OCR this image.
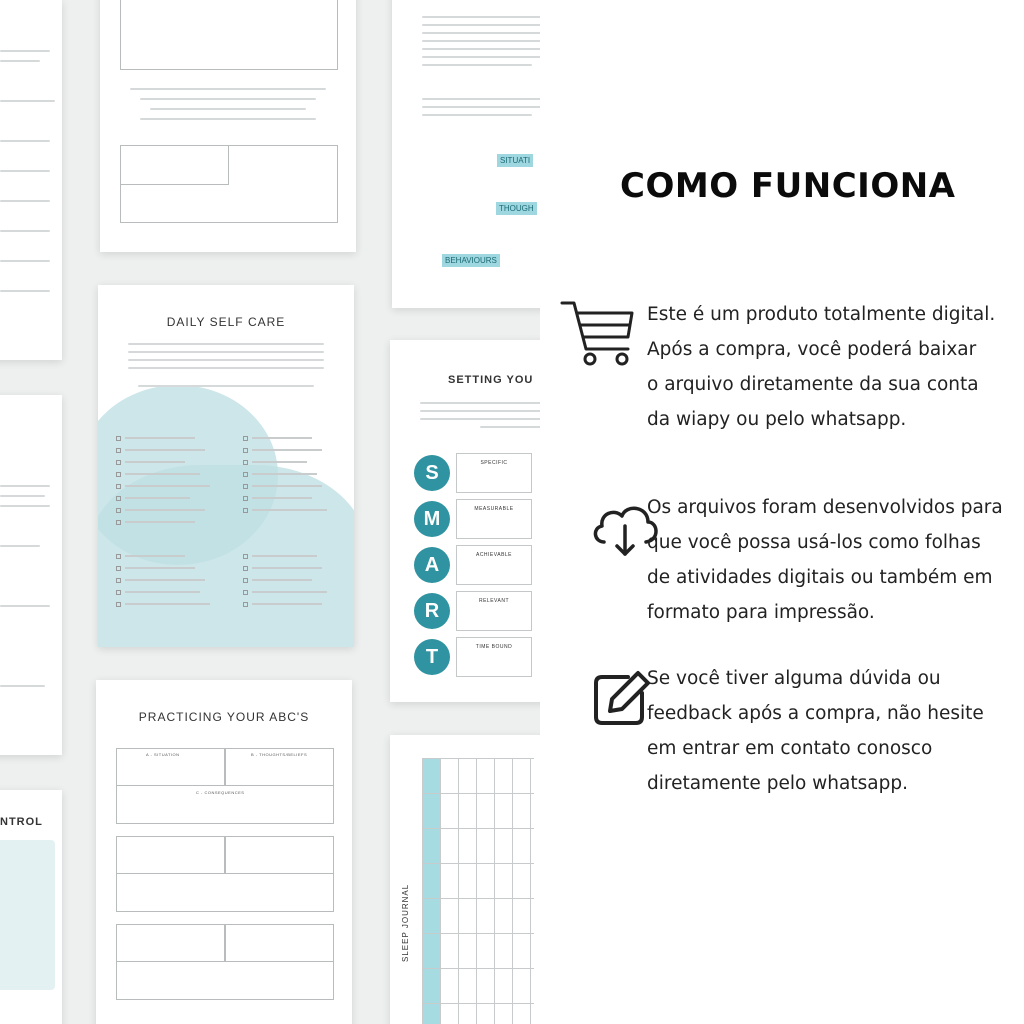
NTROL
DAILY SELF CARE
PRACTICING YOUR ABC'S
A - SITUATION	B - THOUGHTS/BELIEFS
C - CONSEQUENCES
SITUATI
THOUGH
BEHAVIOURS
SETTING YOU
S
M
A
R
T
SPECIFIC
MEASURABLE
ACHIEVABLE
RELEVANT
TIME BOUND
SLEEP JOURNAL
COMO FUNCIONA
Este é um produto totalmente digital.
Após a compra, você poderá baixar
o arquivo diretamente da sua conta
da wiapy ou pelo whatsapp.
Os arquivos foram desenvolvidos para
que você possa usá-los como folhas
de atividades digitais ou também em
formato para impressão.
Se você tiver alguma dúvida ou
feedback após a compra, não hesite
em entrar em contato conosco
diretamente pelo whatsapp.
